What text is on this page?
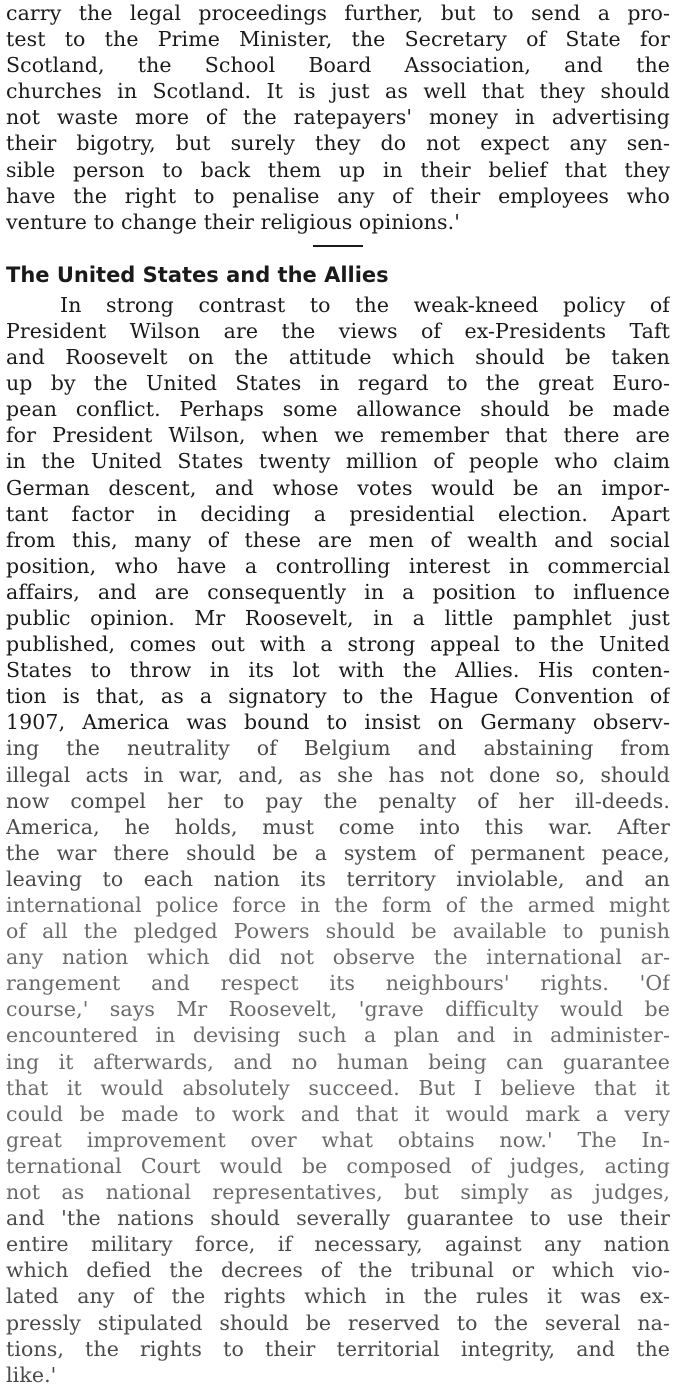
carry the legal proceedings further, but to send a pro-
test to the Prime Minister, the Secretary of State for
Scotland, the School Board Association, and the
churches in Scotland. It is just as well that they should
not waste more of the ratepayers' money in advertising
their bigotry, but surely they do not expect any sen-
sible person to back them up in their belief that they
have the right to penalise any of their employees who
venture to change their religious opinions.'
The United States and the Allies
In strong contrast to the weak-kneed policy of
President Wilson are the views of ex-Presidents Taft
and Roosevelt on the attitude which should be taken
up by the United States in regard to the great Euro-
pean conflict. Perhaps some allowance should be made
for President Wilson, when we remember that there are
in the United States twenty million of people who claim
German descent, and whose votes would be an impor-
tant factor in deciding a presidential election. Apart
from this, many of these are men of wealth and social
position, who have a controlling interest in commercial
affairs, and are consequently in a position to influence
public opinion. Mr Roosevelt, in a little pamphlet just
published, comes out with a strong appeal to the United
States to throw in its lot with the Allies. His conten-
tion is that, as a signatory to the Hague Convention of
1907, America was bound to insist on Germany observ-
ing the neutrality of Belgium and abstaining from
illegal acts in war, and, as she has not done so, should
now compel her to pay the penalty of her ill-deeds.
America, he holds, must come into this war. After
the war there should be a system of permanent peace,
leaving to each nation its territory inviolable, and an
international police force in the form of the armed might
of all the pledged Powers should be available to punish
any nation which did not observe the international ar-
rangement and respect its neighbours' rights. 'Of
course,' says Mr Roosevelt, 'grave difficulty would be
encountered in devising such a plan and in administer-
ing it afterwards, and no human being can guarantee
that it would absolutely succeed. But I believe that it
could be made to work and that it would mark a very
great improvement over what obtains now.' The In-
ternational Court would be composed of judges, acting
not as national representatives, but simply as judges,
and 'the nations should severally guarantee to use their
entire military force, if necessary, against any nation
which defied the decrees of the tribunal or which vio-
lated any of the rights which in the rules it was ex-
pressly stipulated should be reserved to the several na-
tions, the rights to their territorial integrity, and the
like.'
